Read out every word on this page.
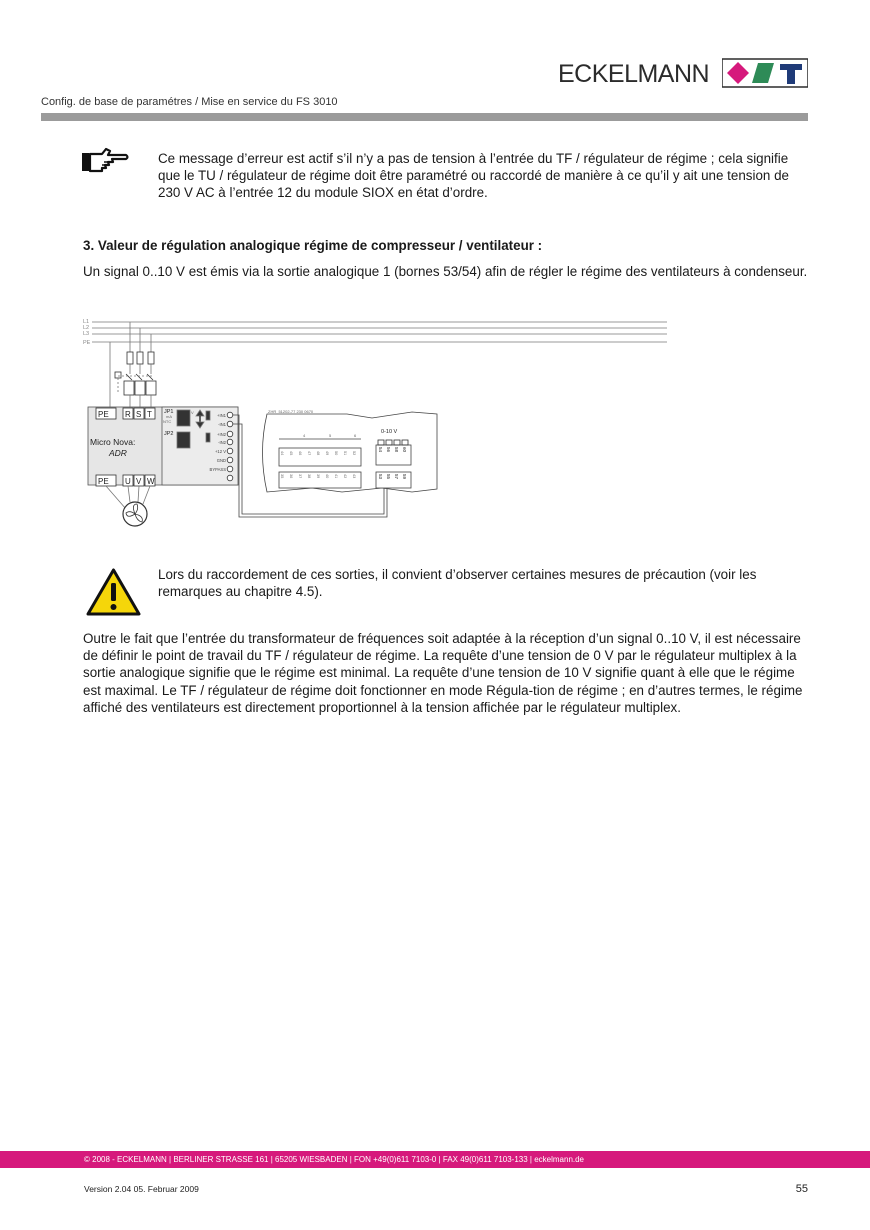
ECKELMANN
Config. de base de paramétres / Mise en service du FS 3010
Ce message d’erreur est actif s’il n’y a pas de tension à l’entrée du TF / régulateur de régime ; cela signifie que le TU / régulateur de régime doit être paramétré ou raccordé de manière à ce qu’il y ait une tension de 230 V AC à l’entrée 12 du module SIOX en état d’ordre.
3. Valeur de régulation analogique régime de compresseur / ventilateur :
Un signal 0..10 V est émis via la sortie analogique 1 (bornes 53/54) afin de régler le régime des ventilateurs à condenseur.
L1
L2
L3
PE
PE R S T
PE U V W
Micro Nova:
ADR
JP1
JP2
mA
NTC
V
+IN1
-IN1
+IN2
-IN2
+12 V
GND
BYPASS
ZHR_51202-77 230 0670
0-10 V
4	5	6
44 45 46 47 48 49 50 51 52
35 36 37 38 39 40 41 42 43
54 56 58 60
53 55 57 59
Lors du raccordement de ces sorties, il convient d’observer certaines mesures de précaution (voir les remarques au chapitre 4.5).
Outre le fait que l’entrée du transformateur de fréquences soit adaptée à la réception d’un signal 0..10 V, il est nécessaire de définir le point de travail du TF / régulateur de régime. La requête d’une tension de 0 V par le régulateur multiplex à la sortie analogique signifie que le régime est minimal. La requête d’une tension de 10 V signifie quant à elle que le régime est maximal. Le TF / régulateur de régime doit fonctionner en mode Régula-tion de régime ; en d’autres termes, le régime affiché des ventilateurs est directement proportionnel à la tension affichée par le régulateur multiplex.
© 2008 - ECKELMANN | BERLINER STRASSE 161 | 65205 WIESBADEN | FON +49(0)611 7103-0 | FAX 49(0)611 7103-133 | eckelmann.de
Version 2.04 05. Februar 2009	55
